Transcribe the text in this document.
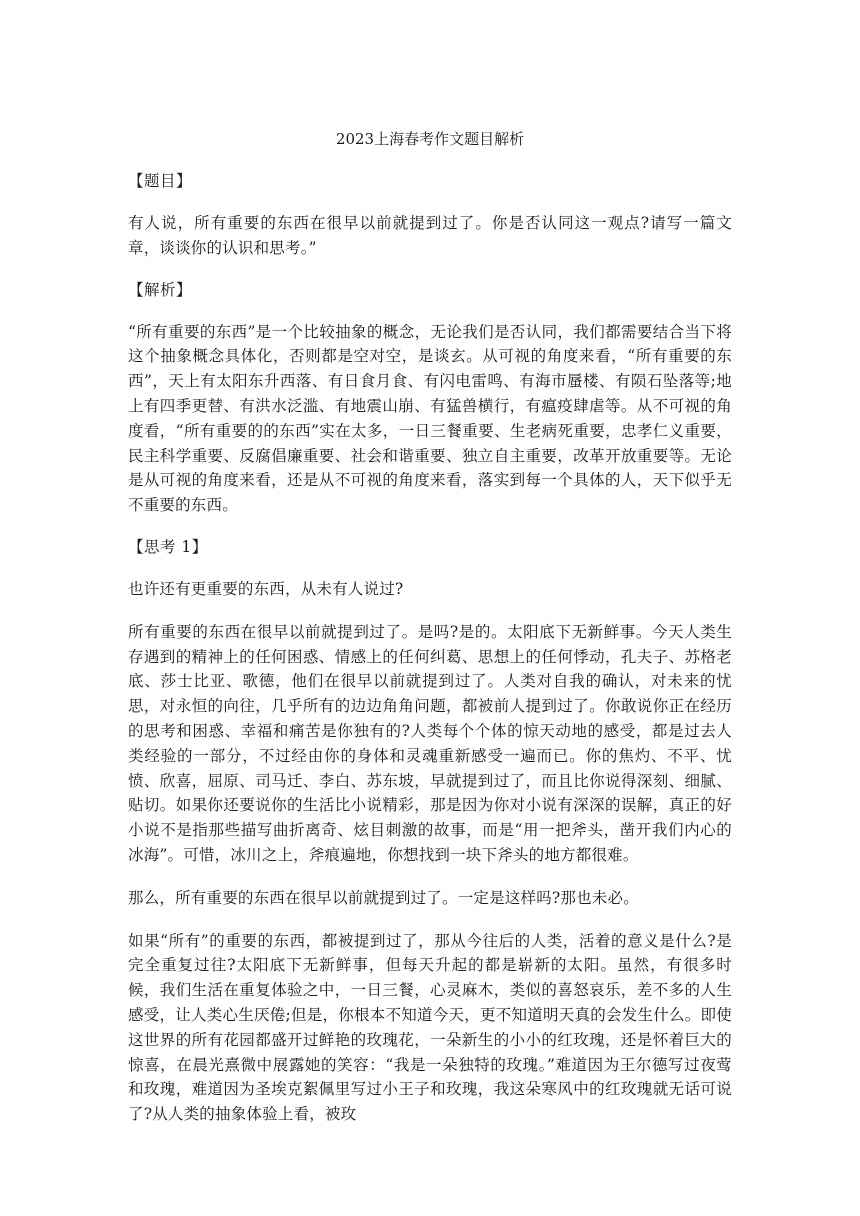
2023上海春考作文题目解析
【题目】

有人说，所有重要的东西在很早以前就提到过了。你是否认同这一观点?请写一篇文章，谈谈你的认识和思考。”

【解析】

“所有重要的东西”是一个比较抽象的概念，无论我们是否认同，我们都需要结合当下将这个抽象概念具体化，否则都是空对空，是谈玄。从可视的角度来看，“所有重要的东西”，天上有太阳东升西落、有日食月食、有闪电雷鸣、有海市蜃楼、有陨石坠落等;地上有四季更替、有洪水泛滥、有地震山崩、有猛兽横行，有瘟疫肆虐等。从不可视的角度看，“所有重要的的东西”实在太多，一日三餐重要、生老病死重要，忠孝仁义重要，民主科学重要、反腐倡廉重要、社会和谐重要、独立自主重要，改革开放重要等。无论是从可视的角度来看，还是从不可视的角度来看，落实到每一个具体的人，天下似乎无不重要的东西。

【思考 1】

也许还有更重要的东西，从未有人说过?

所有重要的东西在很早以前就提到过了。是吗?是的。太阳底下无新鲜事。今天人类生存遇到的精神上的任何困惑、情感上的任何纠葛、思想上的任何悸动，孔夫子、苏格老底、莎士比亚、歌德，他们在很早以前就提到过了。人类对自我的确认，对未来的忧思，对永恒的向往，几乎所有的边边角角问题，都被前人提到过了。你敢说你正在经历的思考和困惑、幸福和痛苦是你独有的?人类每个个体的惊天动地的感受，都是过去人类经验的一部分，不过经由你的身体和灵魂重新感受一遍而已。你的焦灼、不平、忧愤、欣喜，屈原、司马迁、李白、苏东坡，早就提到过了，而且比你说得深刻、细腻、贴切。如果你还要说你的生活比小说精彩，那是因为你对小说有深深的误解，真正的好小说不是指那些描写曲折离奇、炫目刺激的故事，而是“用一把斧头，凿开我们内心的冰海”。可惜，冰川之上，斧痕遍地，你想找到一块下斧头的地方都很难。

那么，所有重要的东西在很早以前就提到过了。一定是这样吗?那也未必。

如果“所有”的重要的东西，都被提到过了，那从今往后的人类，活着的意义是什么?是完全重复过往?太阳底下无新鲜事，但每天升起的都是崭新的太阳。虽然，有很多时候，我们生活在重复体验之中，一日三餐，心灵麻木，类似的喜怒哀乐，差不多的人生感受，让人类心生厌倦;但是，你根本不知道今天，更不知道明天真的会发生什么。即使这世界的所有花园都盛开过鲜艳的玫瑰花，一朵新生的小小的红玫瑰，还是怀着巨大的惊喜，在晨光熹微中展露她的笑容：“我是一朵独特的玫瑰。”难道因为王尔德写过夜莺和玫瑰，难道因为圣埃克絮佩里写过小王子和玫瑰，我这朵寒风中的红玫瑰就无话可说了?从人类的抽象体验上看，被玫
